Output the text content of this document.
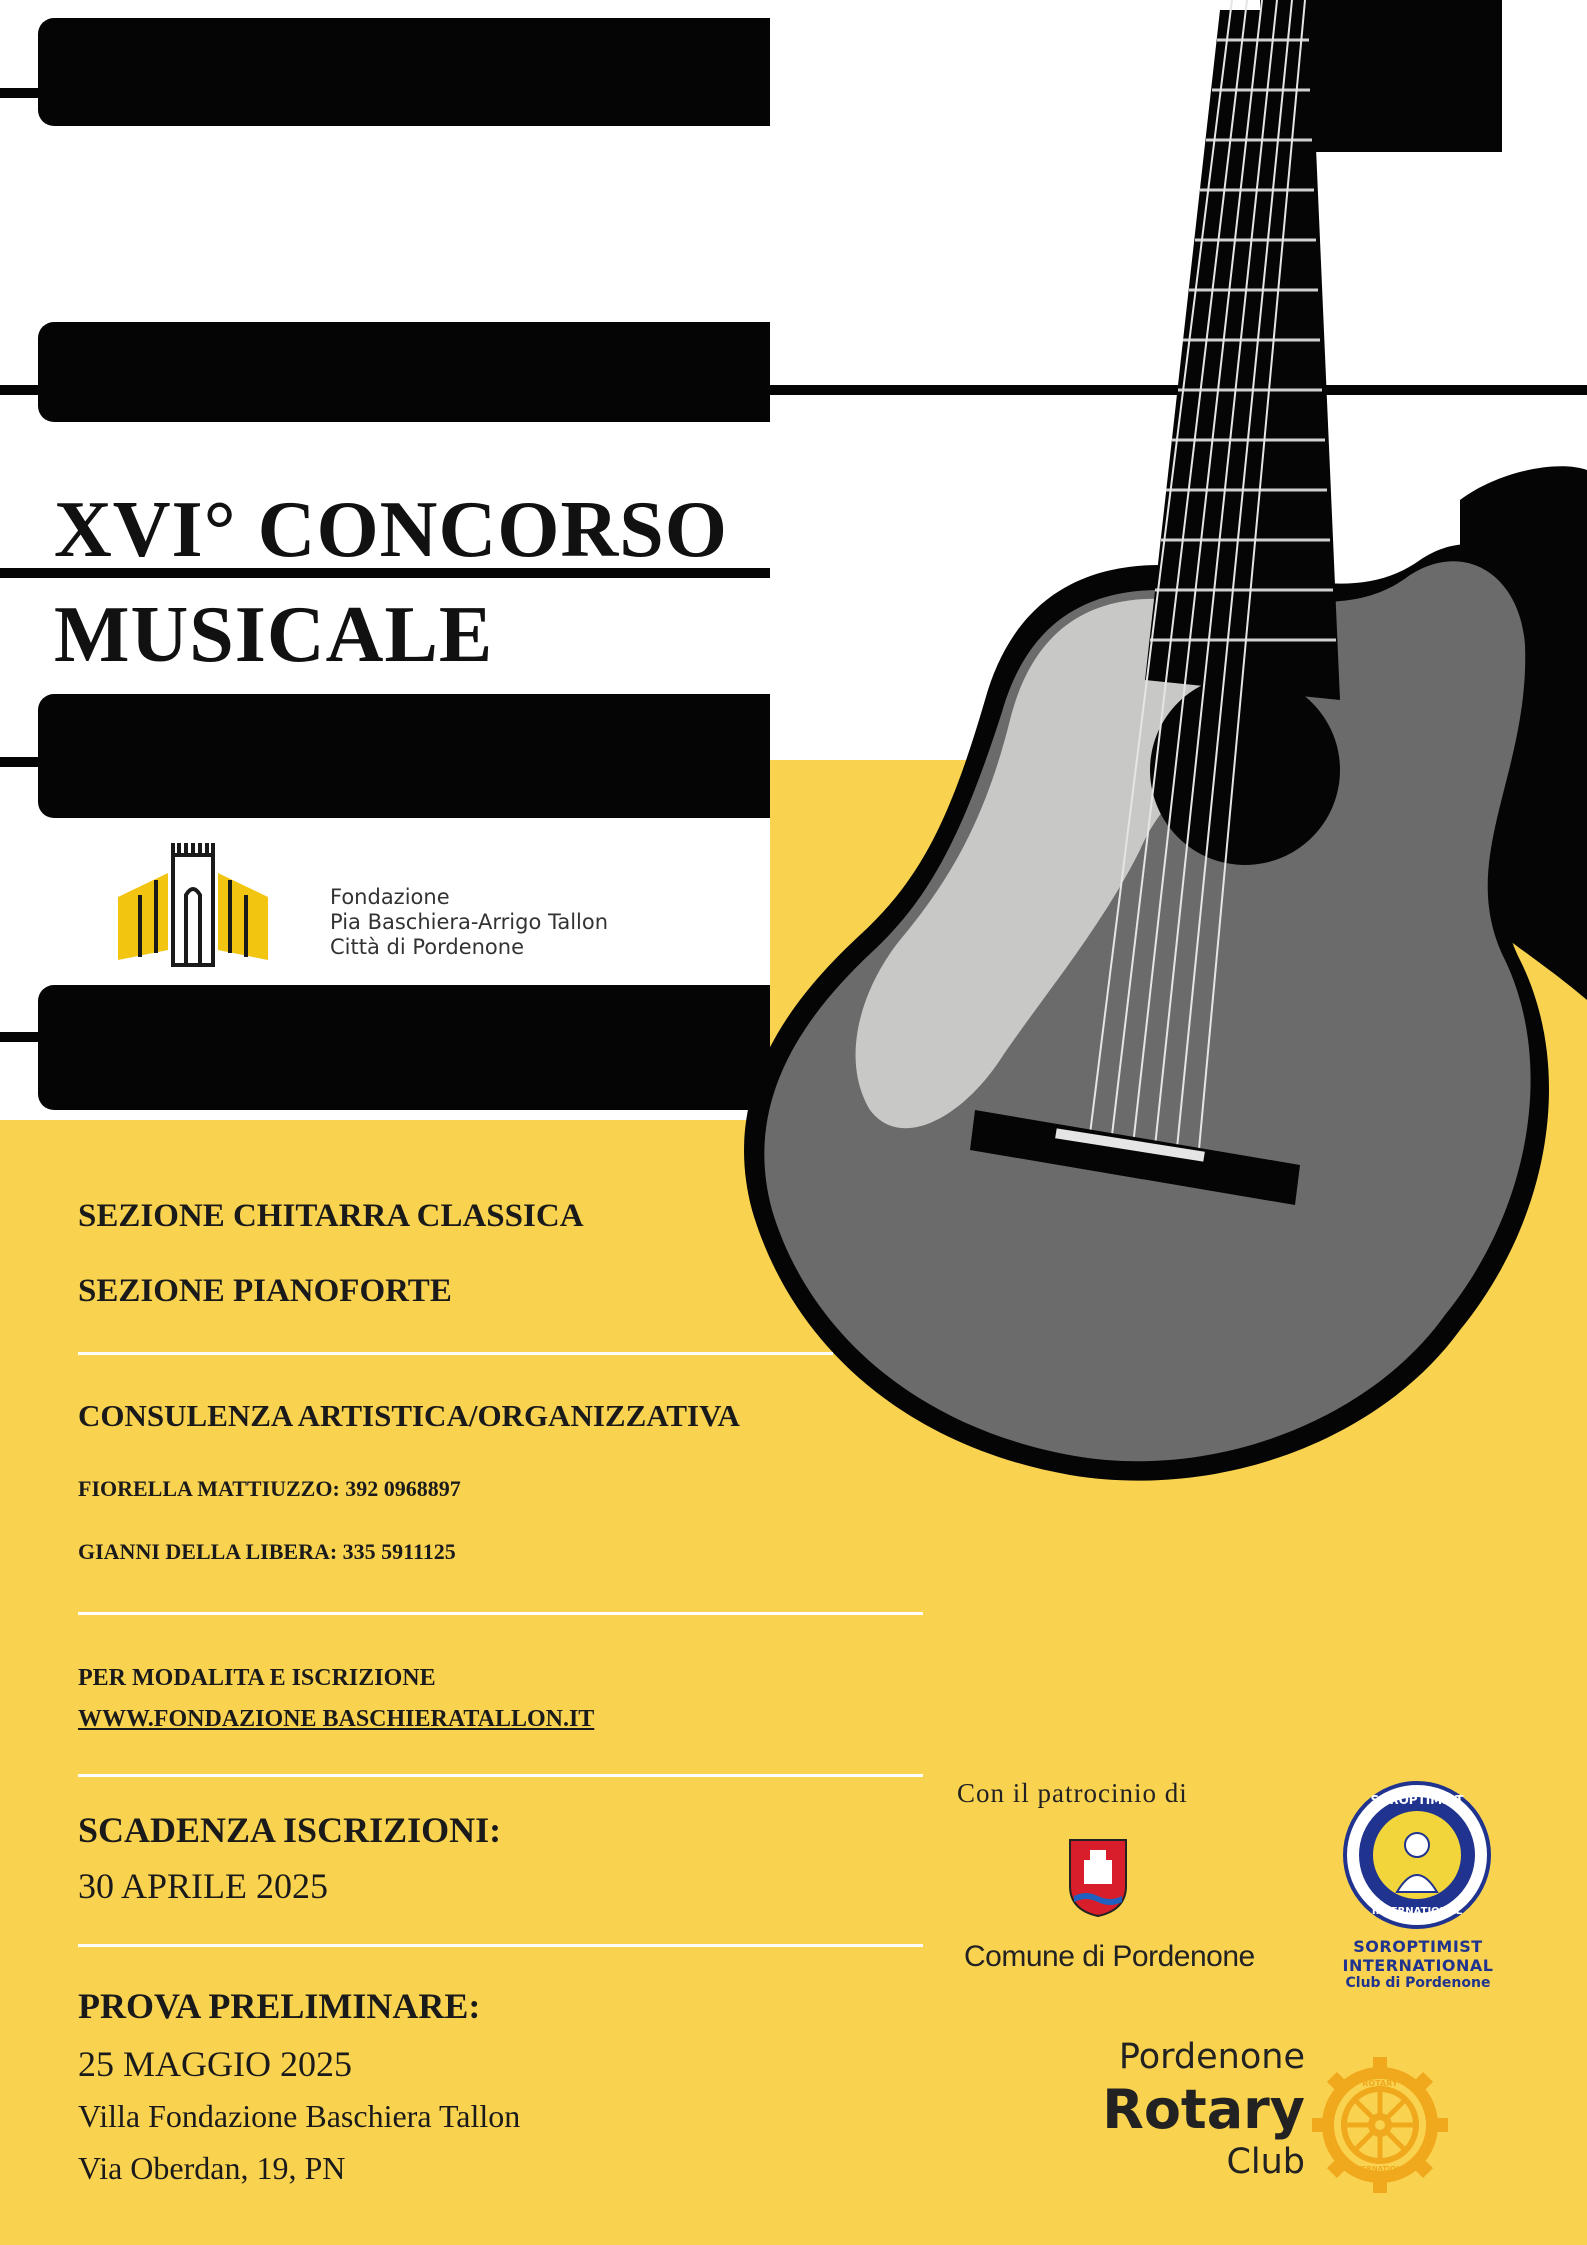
XVI° CONCORSO
MUSICALE
Fondazione
Pia Baschiera-Arrigo Tallon
Città di Pordenone
SEZIONE CHITARRA CLASSICA
SEZIONE PIANOFORTE
CONSULENZA ARTISTICA/ORGANIZZATIVA
FIORELLA MATTIUZZO: 392 0968897
GIANNI DELLA LIBERA: 335 5911125
PER MODALITA E ISCRIZIONE
WWW.FONDAZIONE BASCHIERATALLON.IT
SCADENZA ISCRIZIONI:
30 APRILE 2025
PROVA PRELIMINARE:
25 MAGGIO 2025
Villa Fondazione Baschiera Tallon
Via Oberdan, 19, PN
Con il patrocinio di
Comune di Pordenone
SOROPTIMIST
INTERNATIONAL
SOROPTIMIST INTERNATIONAL
Club di Pordenone
Pordenone
Rotary
Club
ROTARY
INTERNATIONAL
